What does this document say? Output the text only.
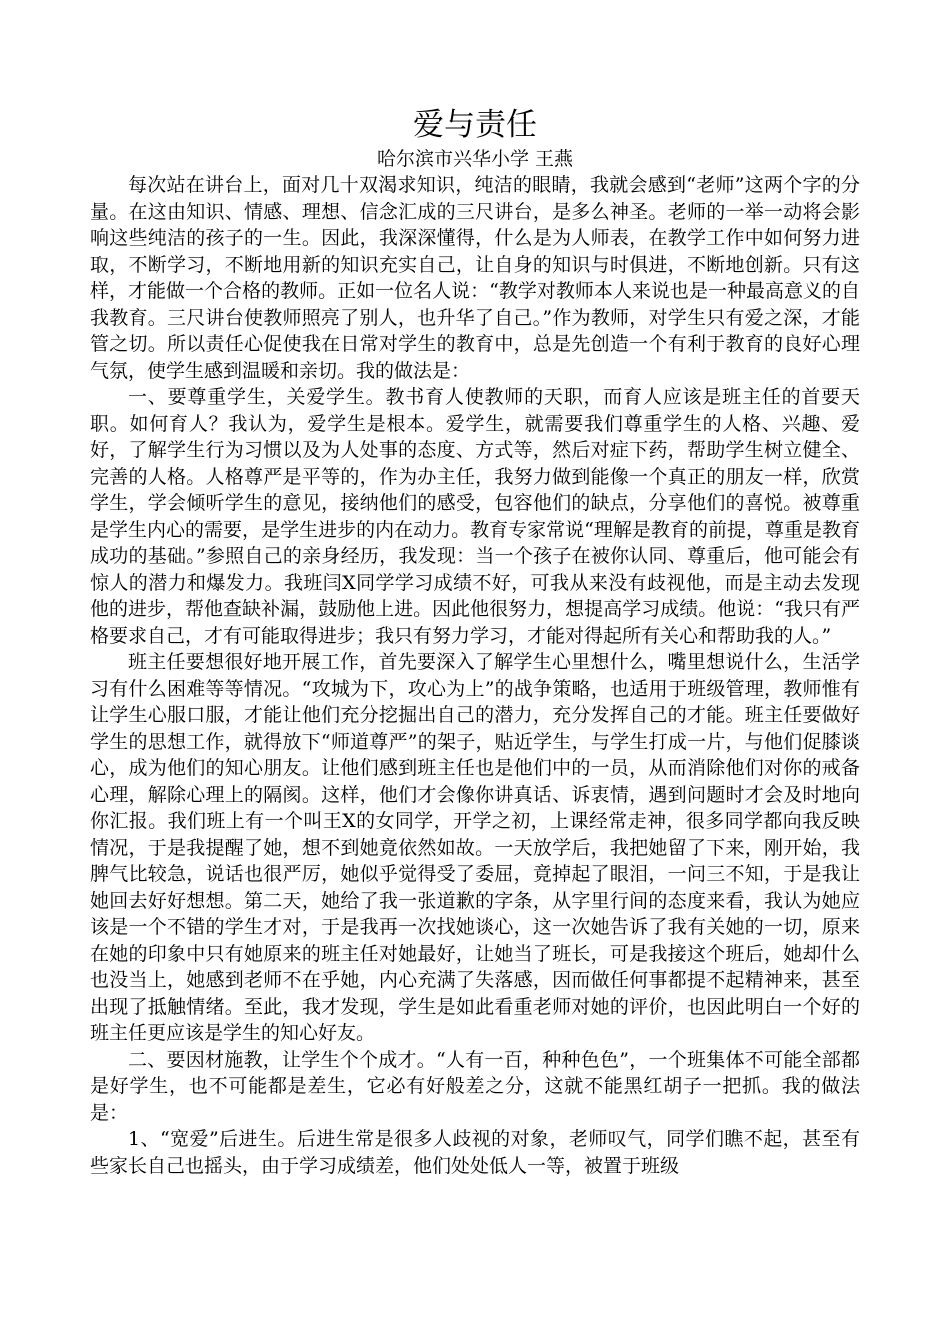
爱与责任

哈尔滨市兴华小学 王燕

每次站在讲台上，面对几十双渴求知识，纯洁的眼睛，我就会感到“老师”这两个字的分量。在这由知识、情感、理想、信念汇成的三尺讲台，是多么神圣。老师的一举一动将会影响这些纯洁的孩子的一生。因此，我深深懂得，什么是为人师表，在教学工作中如何努力进取，不断学习，不断地用新的知识充实自己，让自身的知识与时俱进，不断地创新。只有这样，才能做一个合格的教师。正如一位名人说：“教学对教师本人来说也是一种最高意义的自我教育。三尺讲台使教师照亮了别人，也升华了自己。”作为教师，对学生只有爱之深，才能管之切。所以责任心促使我在日常对学生的教育中，总是先创造一个有利于教育的良好心理气氛，使学生感到温暖和亲切。我的做法是：

一、要尊重学生，关爱学生。教书育人使教师的天职，而育人应该是班主任的首要天职。如何育人？我认为，爱学生是根本。爱学生，就需要我们尊重学生的人格、兴趣、爱好，了解学生行为习惯以及为人处事的态度、方式等，然后对症下药，帮助学生树立健全、完善的人格。人格尊严是平等的，作为办主任，我努力做到能像一个真正的朋友一样，欣赏学生，学会倾听学生的意见，接纳他们的感受，包容他们的缺点，分享他们的喜悦。被尊重是学生内心的需要，是学生进步的内在动力。教育专家常说“理解是教育的前提，尊重是教育成功的基础。”参照自己的亲身经历，我发现：当一个孩子在被你认同、尊重后，他可能会有惊人的潜力和爆发力。我班闫X同学学习成绩不好，可我从来没有歧视他，而是主动去发现他的进步，帮他查缺补漏，鼓励他上进。因此他很努力，想提高学习成绩。他说：“我只有严格要求自己，才有可能取得进步；我只有努力学习，才能对得起所有关心和帮助我的人。”

班主任要想很好地开展工作，首先要深入了解学生心里想什么，嘴里想说什么，生活学习有什么困难等等情况。“攻城为下，攻心为上”的战争策略，也适用于班级管理，教师惟有让学生心服口服，才能让他们充分挖掘出自己的潜力，充分发挥自己的才能。班主任要做好学生的思想工作，就得放下“师道尊严”的架子，贴近学生，与学生打成一片，与他们促膝谈心，成为他们的知心朋友。让他们感到班主任也是他们中的一员，从而消除他们对你的戒备心理，解除心理上的隔阂。这样，他们才会像你讲真话、诉衷情，遇到问题时才会及时地向你汇报。我们班上有一个叫王X的女同学，开学之初，上课经常走神，很多同学都向我反映情况，于是我提醒了她，想不到她竟依然如故。一天放学后，我把她留了下来，刚开始，我脾气比较急，说话也很严厉，她似乎觉得受了委屈，竟掉起了眼泪，一问三不知，于是我让她回去好好想想。第二天，她给了我一张道歉的字条，从字里行间的态度来看，我认为她应该是一个不错的学生才对，于是我再一次找她谈心，这一次她告诉了我有关她的一切，原来在她的印象中只有她原来的班主任对她最好，让她当了班长，可是我接这个班后，她却什么也没当上，她感到老师不在乎她，内心充满了失落感，因而做任何事都提不起精神来，甚至出现了抵触情绪。至此，我才发现，学生是如此看重老师对她的评价，也因此明白一个好的班主任更应该是学生的知心好友。

二、要因材施教，让学生个个成才。“人有一百，种种色色”，一个班集体不可能全部都是好学生，也不可能都是差生，它必有好般差之分，这就不能黑红胡子一把抓。我的做法是：

1、“宽爱”后进生。后进生常是很多人歧视的对象，老师叹气，同学们瞧不起，甚至有些家长自己也摇头，由于学习成绩差，他们处处低人一等，被置于班级
